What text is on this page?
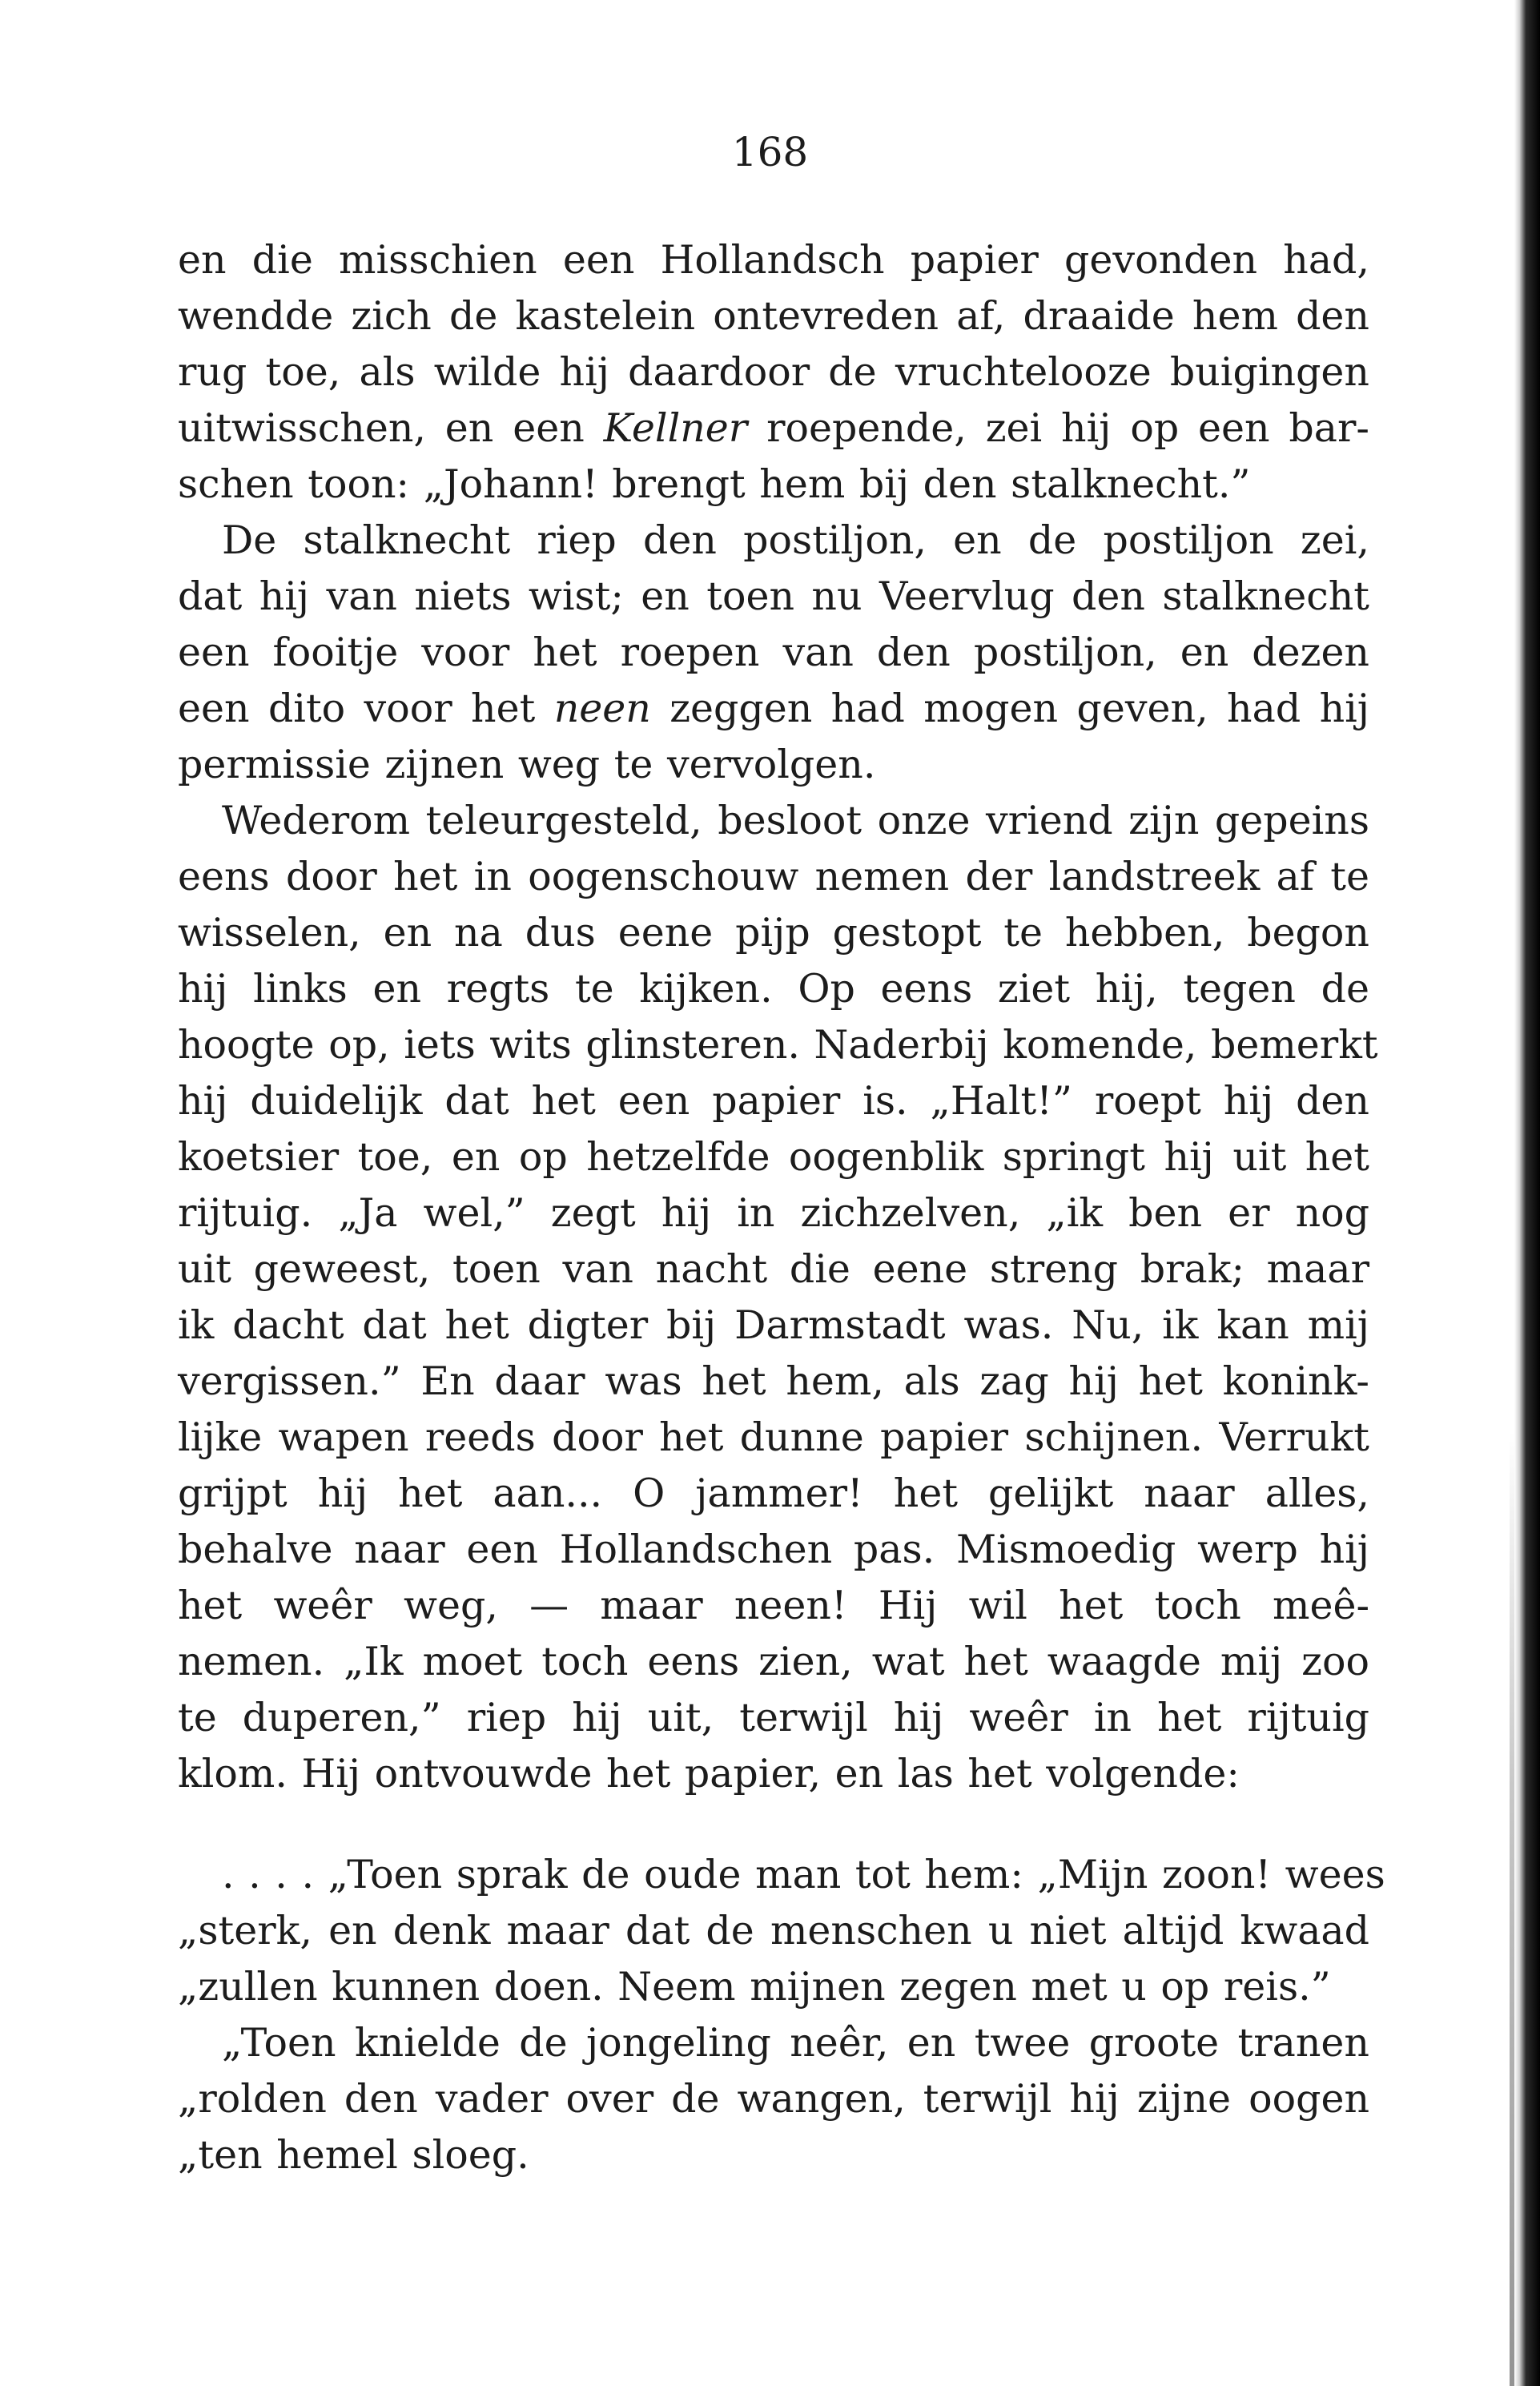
168
en die misschien een Hollandsch papier gevonden had,
wendde zich de kastelein ontevreden af, draaide hem den
rug toe, als wilde hij daardoor de vruchtelooze buigingen
uitwisschen, en een Kellner roepende, zei hij op een bar-
schen toon: „Johann! brengt hem bij den stalknecht.”
De stalknecht riep den postiljon, en de postiljon zei,
dat hij van niets wist; en toen nu Veervlug den stalknecht
een fooitje voor het roepen van den postiljon, en dezen
een dito voor het neen zeggen had mogen geven, had hij
permissie zijnen weg te vervolgen.
Wederom teleurgesteld, besloot onze vriend zijn gepeins
eens door het in oogenschouw nemen der landstreek af te
wisselen, en na dus eene pijp gestopt te hebben, begon
hij links en regts te kijken. Op eens ziet hij, tegen de
hoogte op, iets wits glinsteren. Naderbij komende, bemerkt
hij duidelijk dat het een papier is. „Halt!” roept hij den
koetsier toe, en op hetzelfde oogenblik springt hij uit het
rijtuig. „Ja wel,” zegt hij in zichzelven, „ik ben er nog
uit geweest, toen van nacht die eene streng brak; maar
ik dacht dat het digter bij Darmstadt was. Nu, ik kan mij
vergissen.” En daar was het hem, als zag hij het konink-
lijke wapen reeds door het dunne papier schijnen. Verrukt
grijpt hij het aan... O jammer! het gelijkt naar alles,
behalve naar een Hollandschen pas. Mismoedig werp hij
het weêr weg, — maar neen! Hij wil het toch meê-
nemen. „Ik moet toch eens zien, wat het waagde mij zoo
te duperen,” riep hij uit, terwijl hij weêr in het rijtuig
klom. Hij ontvouwde het papier, en las het volgende:
. . . . „Toen sprak de oude man tot hem: „Mijn zoon! wees
„sterk, en denk maar dat de menschen u niet altijd kwaad
„zullen kunnen doen. Neem mijnen zegen met u op reis.”
„Toen knielde de jongeling neêr, en twee groote tranen
„rolden den vader over de wangen, terwijl hij zijne oogen
„ten hemel sloeg.
